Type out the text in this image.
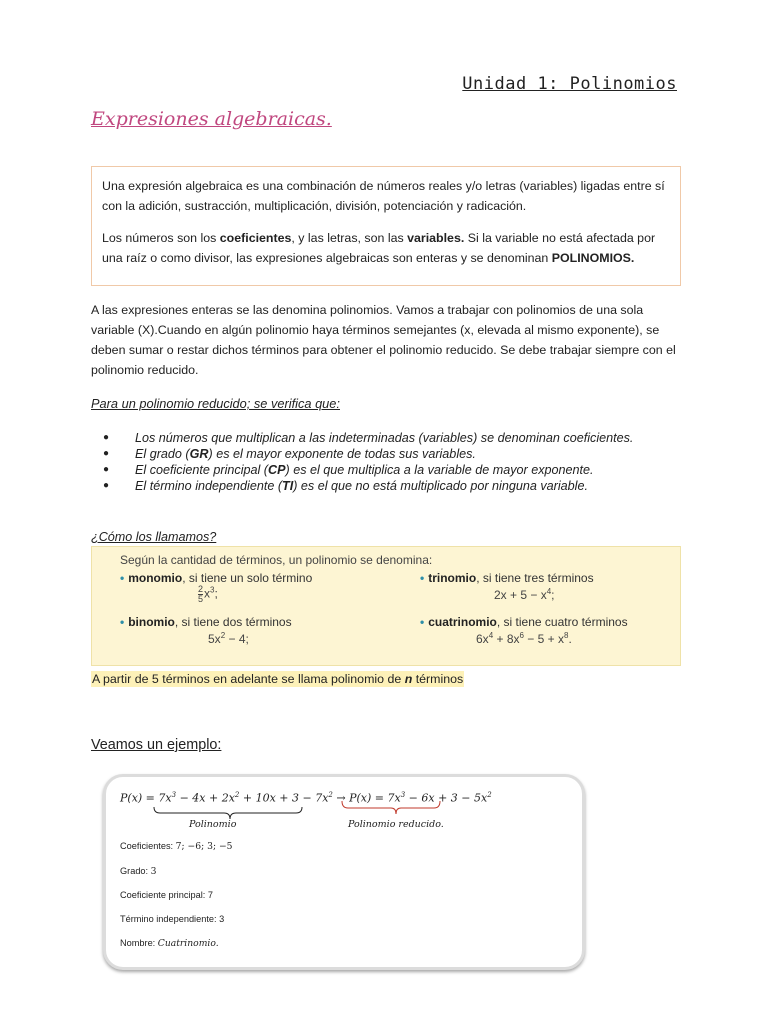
Unidad 1: Polinomios
Expresiones algebraicas.

Una expresión algebraica es una combinación de números reales y/o letras (variables) ligadas entre sí con la adición, sustracción, multiplicación, división, potenciación y radicación.

Los números son los coeficientes, y las letras, son las variables. Si la variable no está afectada por una raíz o como divisor, las expresiones algebraicas son enteras y se denominan POLINOMIOS.

A las expresiones enteras se las denomina polinomios. Vamos a trabajar con polinomios de una sola variable (X).Cuando en algún polinomio haya términos semejantes (x, elevada al mismo exponente), se deben sumar o restar dichos términos para obtener el polinomio reducido. Se debe trabajar siempre con el polinomio reducido.

Para un polinomio reducido; se verifica que:
● Los números que multiplican a las indeterminadas (variables) se denominan coeficientes.
● El grado (GR) es el mayor exponente de todas sus variables.
● El coeficiente principal (CP) es el que multiplica a la variable de mayor exponente.
● El término independiente (TI) es el que no está multiplicado por ninguna variable.
¿Cómo los llamamos?
Según la cantidad de términos, un polinomio se denomina:
• monomio, si tiene un solo término
$\frac{2}{5} x^3$;
• binomio, si tiene dos términos
$5x^2 - 4$;
• trinomio, si tiene tres términos
$2x + 5 - x^4$;
• cuatrinomio, si tiene cuatro términos
$6x^4 + 8x^6 - 5 + x^8$.
A partir de 5 términos en adelante se llama polinomio de n términos
Veamos un ejemplo:
$P(x) = 7x^3 - 4x + 2x^2 + 10x + 3 - 7x^2 \to P(x) = 7x^3 - 6x + 3 - 5x^2$
Polinomio	Polinomio reducido.
Coeficientes: 7; −6; 3; −5
Grado: 3
Coeficiente principal: 7
Término independiente: 3
Nombre: Cuatrinomio.
